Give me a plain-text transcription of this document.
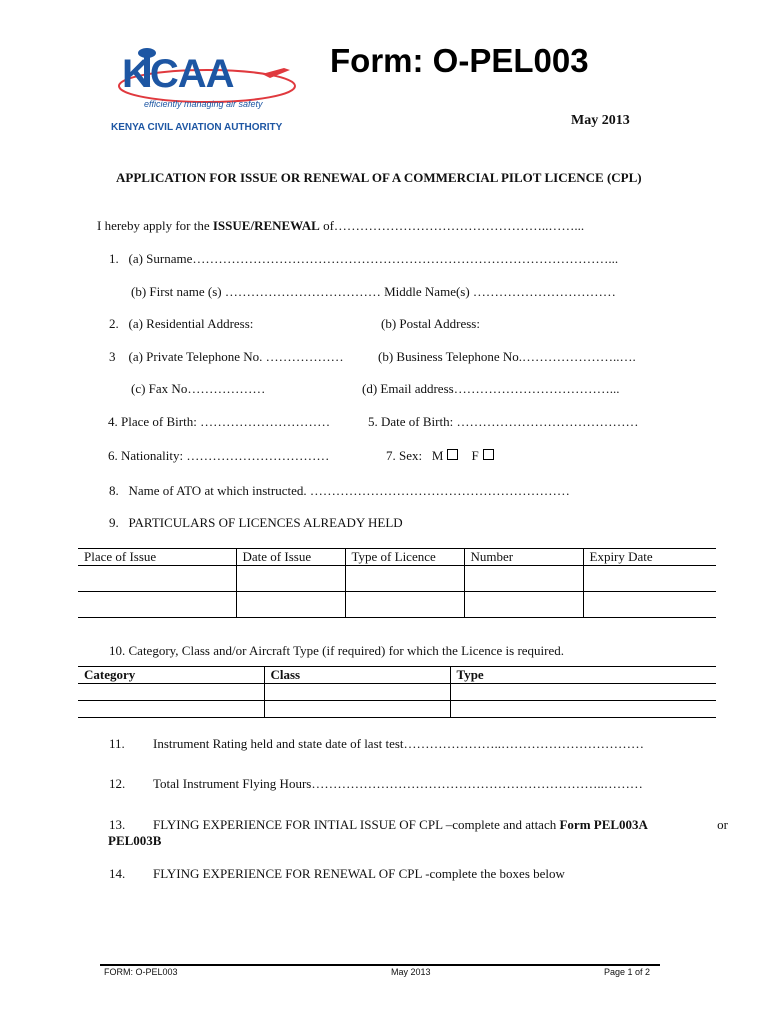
KCAA
efficiently managing air safety
KENYA CIVIL AVIATION AUTHORITY
Form: O-PEL003
May 2013
APPLICATION FOR ISSUE OR RENEWAL OF A COMMERCIAL PILOT LICENCE (CPL)
I hereby apply for the ISSUE/RENEWAL of…………………………………………..……...
1.   (a) Surname……………………………………………………………………………………...
(b) First name (s) ……………………………… Middle Name(s) ……………………………
2.   (a) Residential Address:	(b) Postal Address:
3    (a) Private Telephone No. ………………	(b) Business Telephone No.…………………..….
(c) Fax No………………	(d) Email address………………………………...
4. Place of Birth: …………………………	5. Date of Birth: ……………………………………
6. Nationality: ……………………………	7. Sex: M F
8.   Name of ATO at which instructed. ……………………………………………………
9.   PARTICULARS OF LICENCES ALREADY HELD
Place of Issue	Date of Issue	Type of Licence	Number	Expiry Date

10. Category, Class and/or Aircraft Type (if required) for which the Licence is required.
Category	Class	Type

11. Instrument Rating held and state date of last test…………………..……………………………
12. Total Instrument Flying Hours…………………………………………………………..………
13. FLYING EXPERIENCE FOR INTIAL ISSUE OF CPL –complete and attach Form PEL003A	or
PEL003B
14. FLYING EXPERIENCE FOR RENEWAL OF CPL -complete the boxes below
FORM: O-PEL003	May 2013	Page 1 of 2
